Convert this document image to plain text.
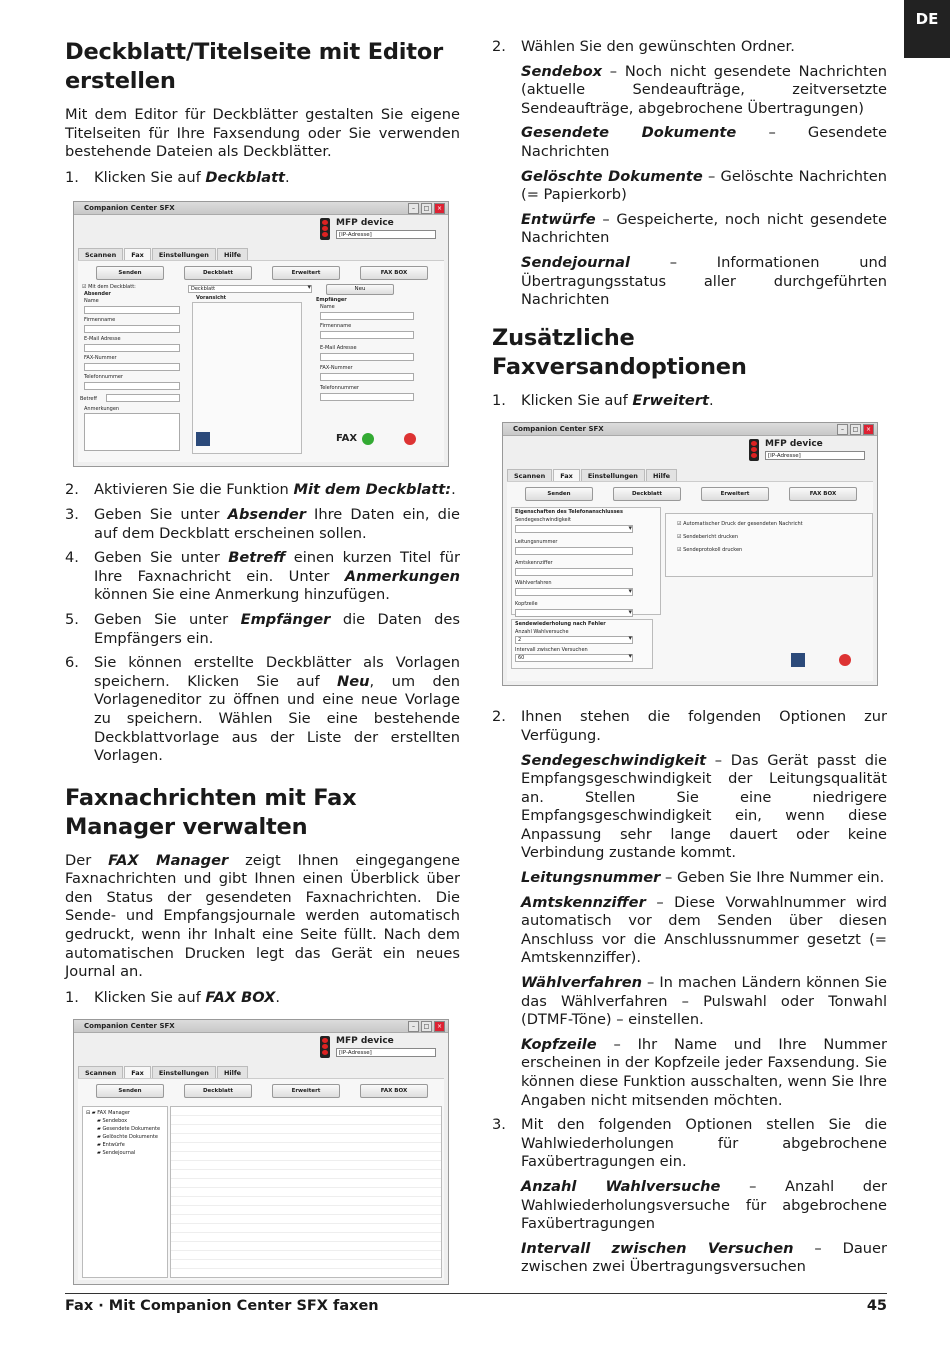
DE
Deckblatt/Titelseite mit Editor erstellen

Mit dem Editor für Deckblätter gestalten Sie eigene Titelseiten für Ihre Faxsendung oder Sie verwenden bestehende Dateien als Deckblätter.

1.	Klicken Sie auf Deckblatt.
Companion Center SFX	–	□	×
MFP device
[IP-Adresse]
Scannen	Fax	Einstellungen	Hilfe
Senden	Deckblatt	Erweitert	FAX BOX
☑ Mit dem Deckblatt:
Absender
Name
Firmenname
E-Mail Adresse
FAX-Nummer
Telefonnummer
Betreff
Anmerkungen
Deckblatt ▾	Neu
Voransicht	Empfänger
Name
Firmenname
E-Mail Adresse
FAX-Nummer
Telefonnummer
FAX
2.	Aktivieren Sie die Funktion Mit dem Deckblatt:.
3.	Geben Sie unter Absender Ihre Daten ein, die auf dem Deckblatt erscheinen sollen.
4.	Geben Sie unter Betreff einen kurzen Titel für Ihre Faxnachricht ein. Unter Anmerkungen können Sie eine Anmerkung hinzufügen.
5.	Geben Sie unter Empfänger die Daten des Empfängers ein.
6.	Sie können erstellte Deckblätter als Vorlagen speichern. Klicken Sie auf Neu, um den Vorlageneditor zu öffnen und eine neue Vorlage zu speichern. Wählen Sie eine bestehende Deckblattvorlage aus der Liste der erstellten Vorlagen.
Faxnachrichten mit Fax Manager verwalten

Der FAX Manager zeigt Ihnen eingegangene Faxnachrichten und gibt Ihnen einen Überblick über den Status der gesendeten Faxnachrichten. Die Sende- und Empfangsjournale werden automatisch gedruckt, wenn ihr Inhalt eine Seite füllt. Nach dem automatischen Drucken legt das Gerät ein neues Journal an.

1.	Klicken Sie auf FAX BOX.
Companion Center SFX	–	□	×
MFP device
[IP-Adresse]
Scannen	Fax	Einstellungen	Hilfe
Senden	Deckblatt	Erweitert	FAX BOX
⊟ ▰ FAX Manager
▰ Sendebox
▰ Gesendete Dokumente
▰ Gelöschte Dokumente
▰ Entwürfe
▰ Sendejournal
2.	Wählen Sie den gewünschten Ordner.
Sendebox – Noch nicht gesendete Nachrichten (aktuelle Sendeaufträge, zeitversetzte Sendeaufträge, abgebrochene Übertragungen)
Gesendete Dokumente – Gesendete Nachrichten
Gelöschte Dokumente – Gelöschte Nachrichten (= Papierkorb)
Entwürfe – Gespeicherte, noch nicht gesendete Nachrichten
Sendejournal – Informationen und Übertragungsstatus aller durchgeführten Nachrichten
Zusätzliche Faxversandoptionen
1.	Klicken Sie auf Erweitert.
Companion Center SFX	–	□	×
MFP device
[IP-Adresse]
Scannen	Fax	Einstellungen	Hilfe
Senden	Deckblatt	Erweitert	FAX BOX
Eigenschaften des Telefonanschlusses
Sendegeschwindigkeit
▾
Leitungsnummer
Amtskennziffer
Wählverfahren
▾
Kopfzeile
▾
☑ Automatischer Druck der gesendeten Nachricht
☑ Sendebericht drucken
☑ Sendeprotokoll drucken
Sendewiederholung nach Fehler
Anzahl Wahlversuche
2 ▾
Intervall zwischen Versuchen
60 ▾
2.	Ihnen stehen die folgenden Optionen zur Verfügung.
Sendegeschwindigkeit – Das Gerät passt die Empfangsgeschwindigkeit der Leitungsqualität an. Stellen Sie eine niedrigere Empfangsgeschwindigkeit ein, wenn diese Anpassung sehr lange dauert oder keine Verbindung zustande kommt.
Leitungsnummer – Geben Sie Ihre Nummer ein.
Amtskennziffer – Diese Vorwahlnummer wird automatisch vor dem Senden über diesen Anschluss vor die Anschlussnummer gesetzt (= Amtskennziffer).
Wählverfahren – In machen Ländern können Sie das Wählverfahren – Pulswahl oder Tonwahl (DTMF-Töne) – einstellen.
Kopfzeile – Ihr Name und Ihre Nummer erscheinen in der Kopfzeile jeder Faxsendung. Sie können diese Funktion ausschalten, wenn Sie Ihre Angaben nicht mitsenden möchten.
3.	Mit den folgenden Optionen stellen Sie die Wahlwiederholungen für abgebrochene Faxübertragungen ein.
Anzahl Wahlversuche – Anzahl der Wahlwiederholungsversuche für abgebrochene Faxübertragungen
Intervall zwischen Versuchen – Dauer zwischen zwei Übertragungsversuchen
Fax · Mit Companion Center SFX faxen	45
